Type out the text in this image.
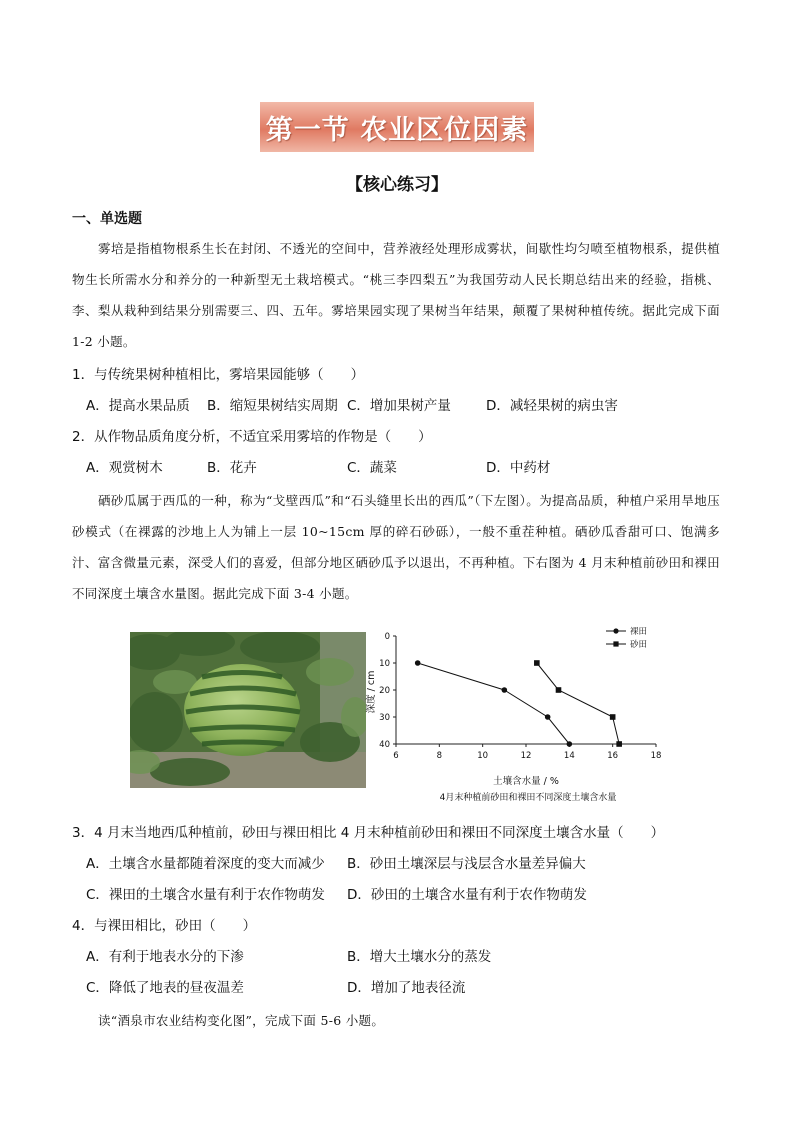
第一节 农业区位因素
【核心练习】
一、单选题
雾培是指植物根系生长在封闭、不透光的空间中，营养液经处理形成雾状，间歇性均匀喷至植物根系，提供植物生长所需水分和养分的一种新型无土栽培模式。“桃三李四梨五”为我国劳动人民长期总结出来的经验，指桃、李、梨从栽种到结果分别需要三、四、五年。雾培果园实现了果树当年结果，颠覆了果树种植传统。据此完成下面 1-2 小题。
1．与传统果树种植相比，雾培果园能够（　　）
A．提高水果品质 B．缩短果树结实周期 C．增加果树产量	D．减轻果树的病虫害
2．从作物品质角度分析，不适宜采用雾培的作物是（　　）
A．观赏树木	B．花卉	C．蔬菜	D．中药材
硒砂瓜属于西瓜的一种，称为“戈壁西瓜”和“石头缝里长出的西瓜”（下左图）。为提高品质，种植户采用旱地压砂模式（在裸露的沙地上人为铺上一层 10~15cm 厚的碎石砂砾），一般不重茬种植。硒砂瓜香甜可口、饱满多汁、富含微量元素，深受人们的喜爱，但部分地区硒砂瓜予以退出，不再种植。下右图为 4 月末种植前砂田和裸田不同深度土壤含水量图。据此完成下面 3-4 小题。
0
10
20
30
40
6	8	10	12	14	16	18
裸田
砂田
土壤含水量 / %
深度 / cm
4月末种植前砂田和裸田不同深度土壤含水量
3．4 月末当地西瓜种植前，砂田与裸田相比 4 月末种植前砂田和裸田不同深度土壤含水量（　　）
A．土壤含水量都随着深度的变大而减少 B．砂田土壤深层与浅层含水量差异偏大
C．裸田的土壤含水量有利于农作物萌发 D．砂田的土壤含水量有利于农作物萌发
4．与裸田相比，砂田（　　）
A．有利于地表水分的下渗	B．增大土壤水分的蒸发
C．降低了地表的昼夜温差	D．增加了地表径流
读“酒泉市农业结构变化图”，完成下面 5-6 小题。
